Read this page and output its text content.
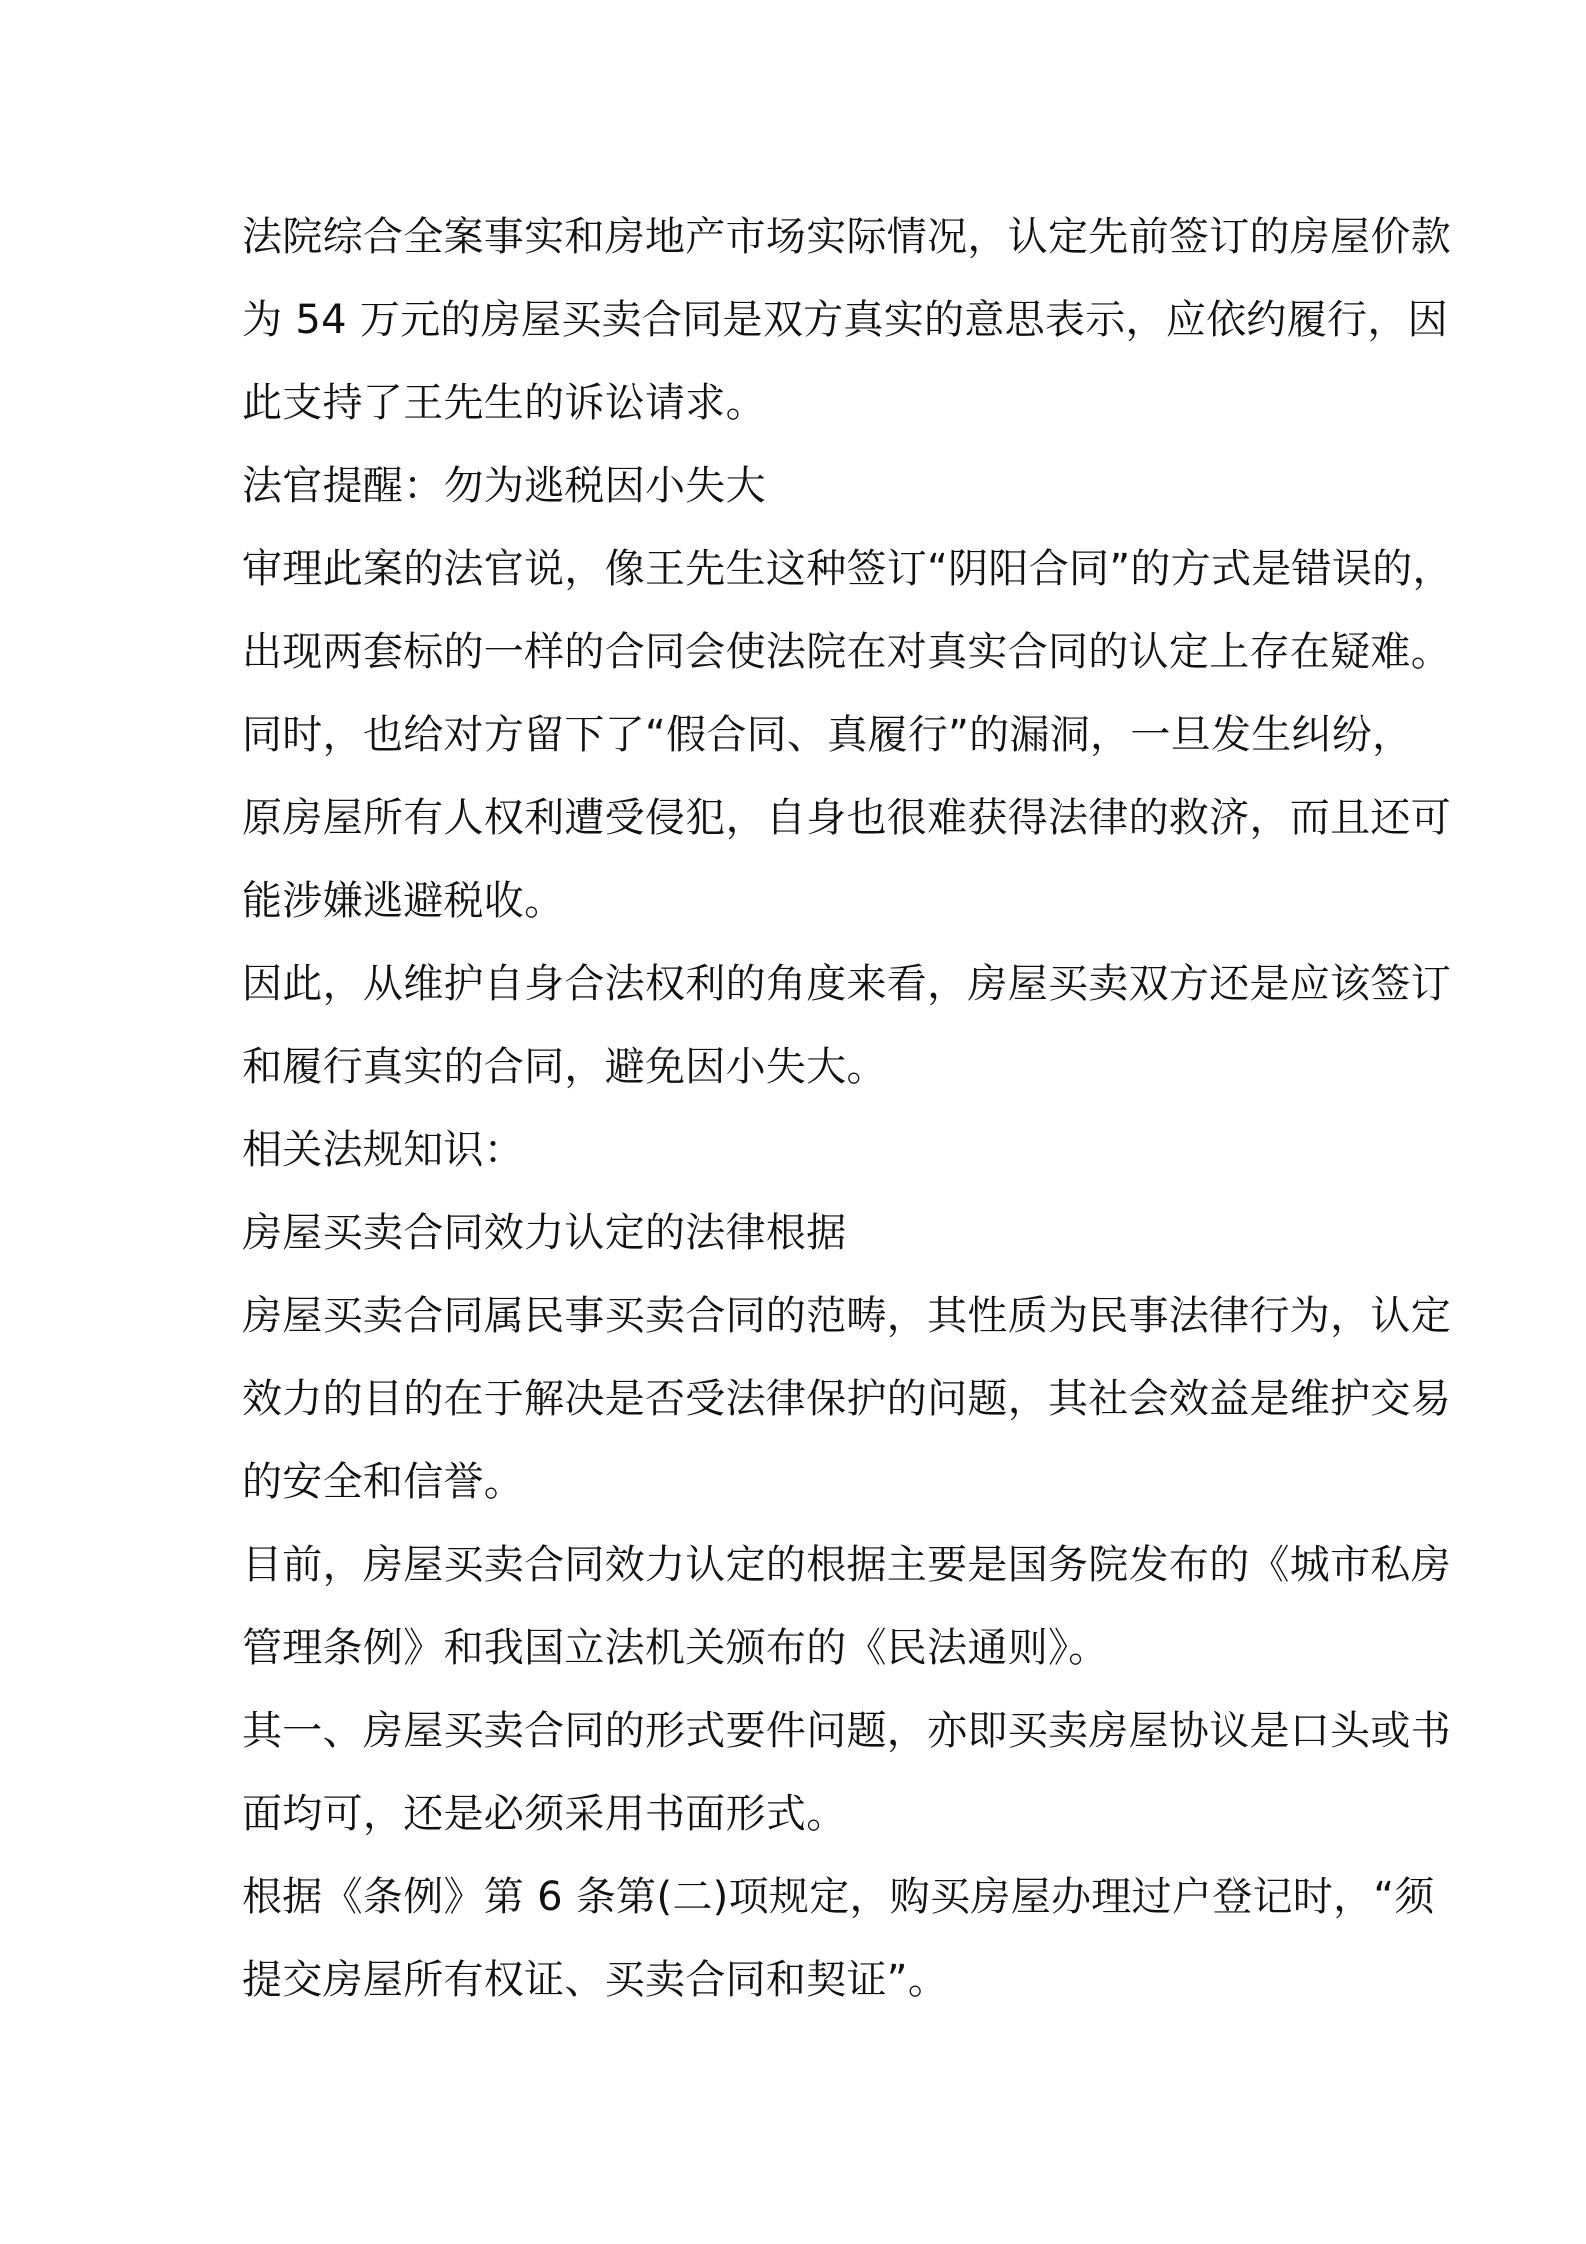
法院综合全案事实和房地产市场实际情况，认定先前签订的房屋价款
为 54 万元的房屋买卖合同是双方真实的意思表示，应依约履行，因
此支持了王先生的诉讼请求。
法官提醒：勿为逃税因小失大
审理此案的法官说，像王先生这种签订“阴阳合同”的方式是错误的，
出现两套标的一样的合同会使法院在对真实合同的认定上存在疑难。
同时，也给对方留下了“假合同、真履行”的漏洞，一旦发生纠纷，
原房屋所有人权利遭受侵犯，自身也很难获得法律的救济，而且还可
能涉嫌逃避税收。
因此，从维护自身合法权利的角度来看，房屋买卖双方还是应该签订
和履行真实的合同，避免因小失大。
相关法规知识：
房屋买卖合同效力认定的法律根据
房屋买卖合同属民事买卖合同的范畴，其性质为民事法律行为，认定
效力的目的在于解决是否受法律保护的问题，其社会效益是维护交易
的安全和信誉。
目前，房屋买卖合同效力认定的根据主要是国务院发布的《城市私房
管理条例》和我国立法机关颁布的《民法通则》。
其一、房屋买卖合同的形式要件问题，亦即买卖房屋协议是口头或书
面均可，还是必须采用书面形式。
根据《条例》第 6 条第(二)项规定，购买房屋办理过户登记时，“须
提交房屋所有权证、买卖合同和契证”。
